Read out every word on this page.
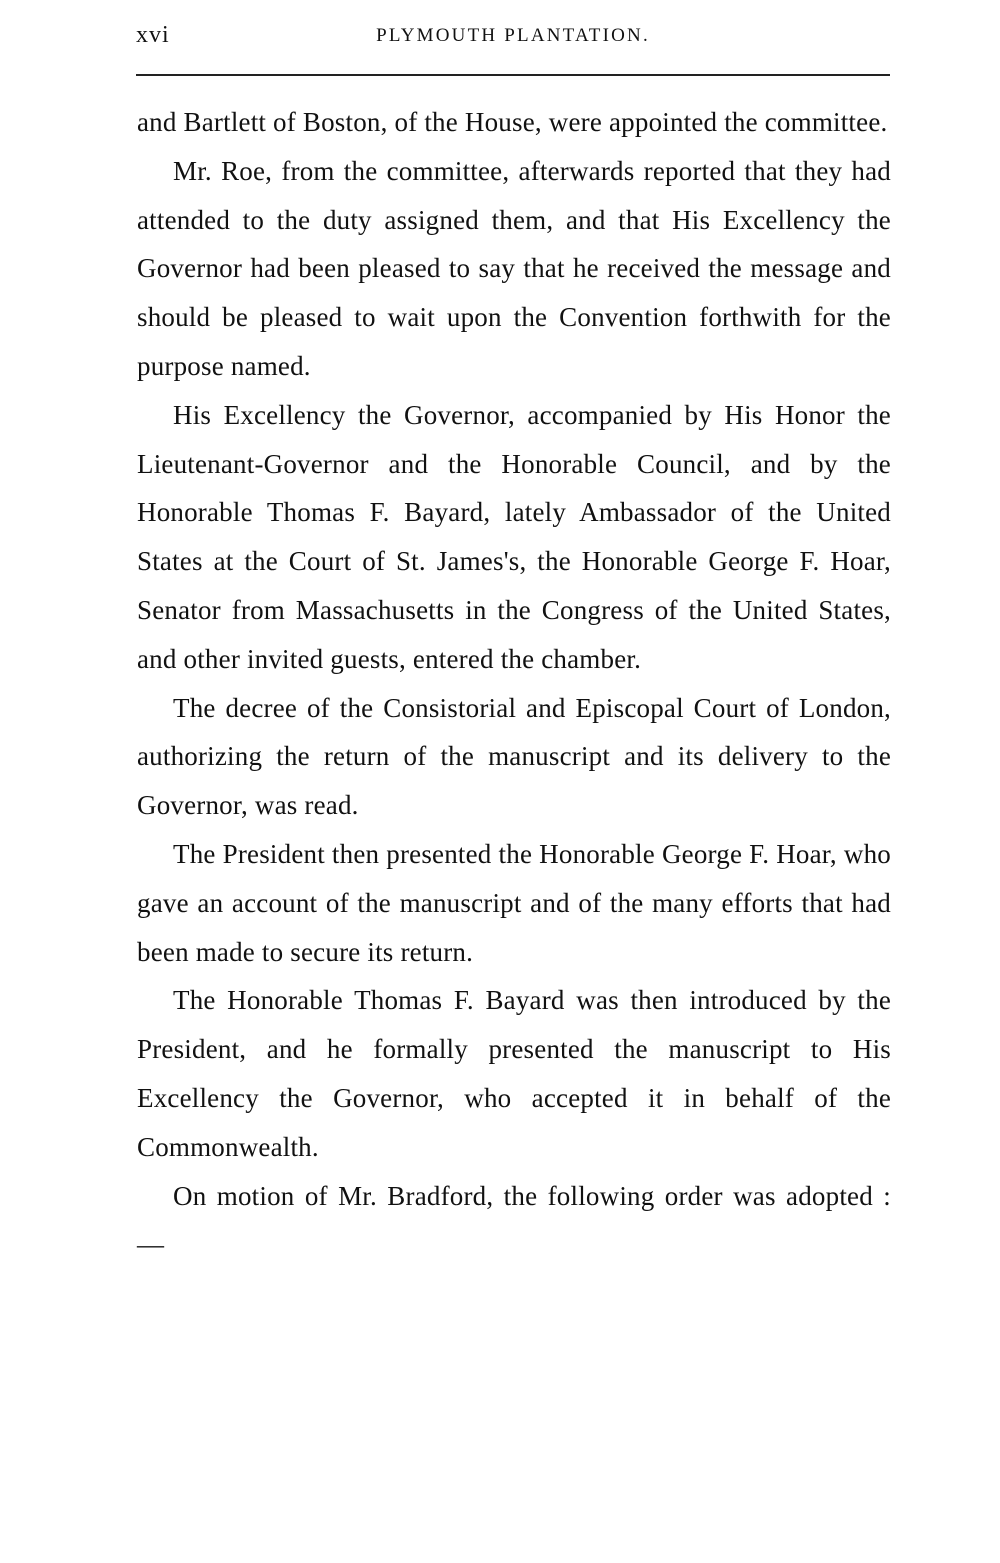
xvi	PLYMOUTH PLANTATION.

and Bartlett of Boston, of the House, were appointed the committee.

Mr. Roe, from the committee, afterwards reported that they had attended to the duty assigned them, and that His Excellency the Governor had been pleased to say that he received the message and should be pleased to wait upon the Convention forthwith for the purpose named.

His Excellency the Governor, accompanied by His Honor the Lieutenant-Governor and the Honorable Council, and by the Honorable Thomas F. Bayard, lately Ambassador of the United States at the Court of St. James's, the Honorable George F. Hoar, Senator from Massachusetts in the Congress of the United States, and other invited guests, entered the chamber.

The decree of the Consistorial and Episcopal Court of London, authorizing the return of the manuscript and its delivery to the Governor, was read.

The President then presented the Honorable George F. Hoar, who gave an account of the manuscript and of the many efforts that had been made to secure its return.

The Honorable Thomas F. Bayard was then introduced by the President, and he formally presented the manuscript to His Excellency the Governor, who accepted it in behalf of the Commonwealth.

On motion of Mr. Bradford, the following order was adopted : —
